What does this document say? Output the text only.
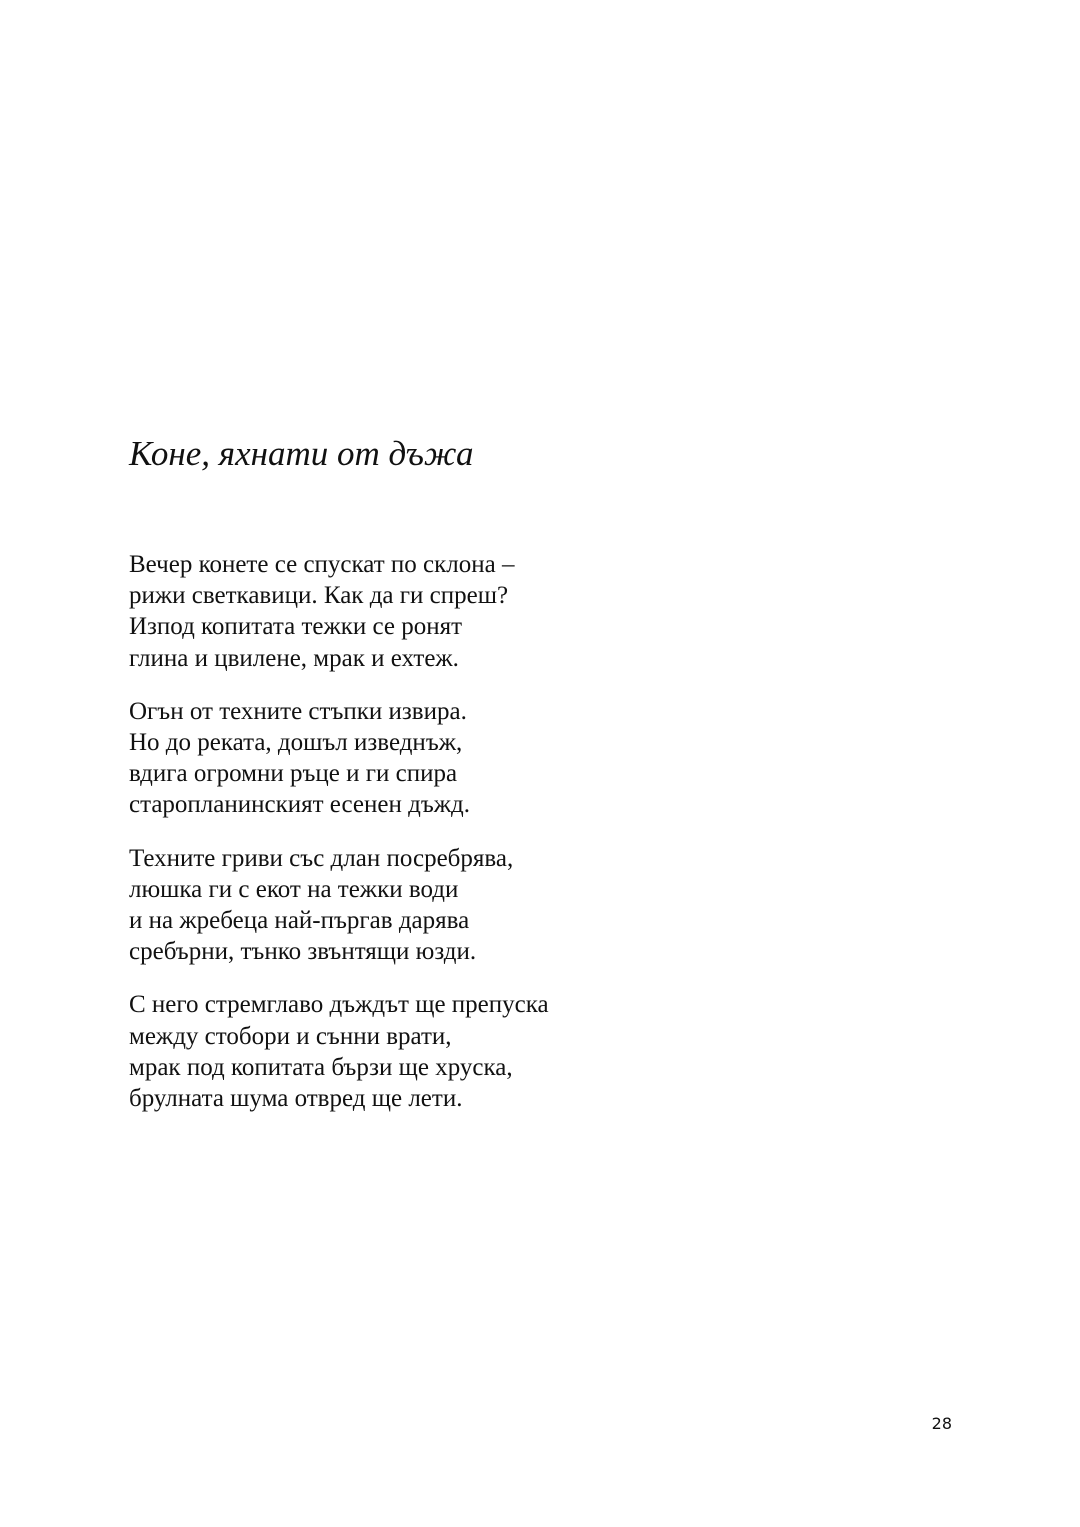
Коне, яхнати от дъжа

Вечер конете се спускат по склона –
рижи светкавици. Как да ги спреш?
Изпод копитата тежки се ронят
глина и цвилене, мрак и ехтеж.

Огън от техните стъпки извира.
Но до реката, дошъл изведнъж,
вдига огромни ръце и ги спира
старопланинският есенен дъжд.

Техните гриви със длан посребрява,
люшка ги с екот на тежки води
и на жребеца най-пъргав дарява
сребърни, тънко звънтящи юзди.

С него стремглаво дъждът ще препуска
между стобори и сънни врати,
мрак под копитата бързи ще хруска,
брулната шума отвред ще лети.

28
